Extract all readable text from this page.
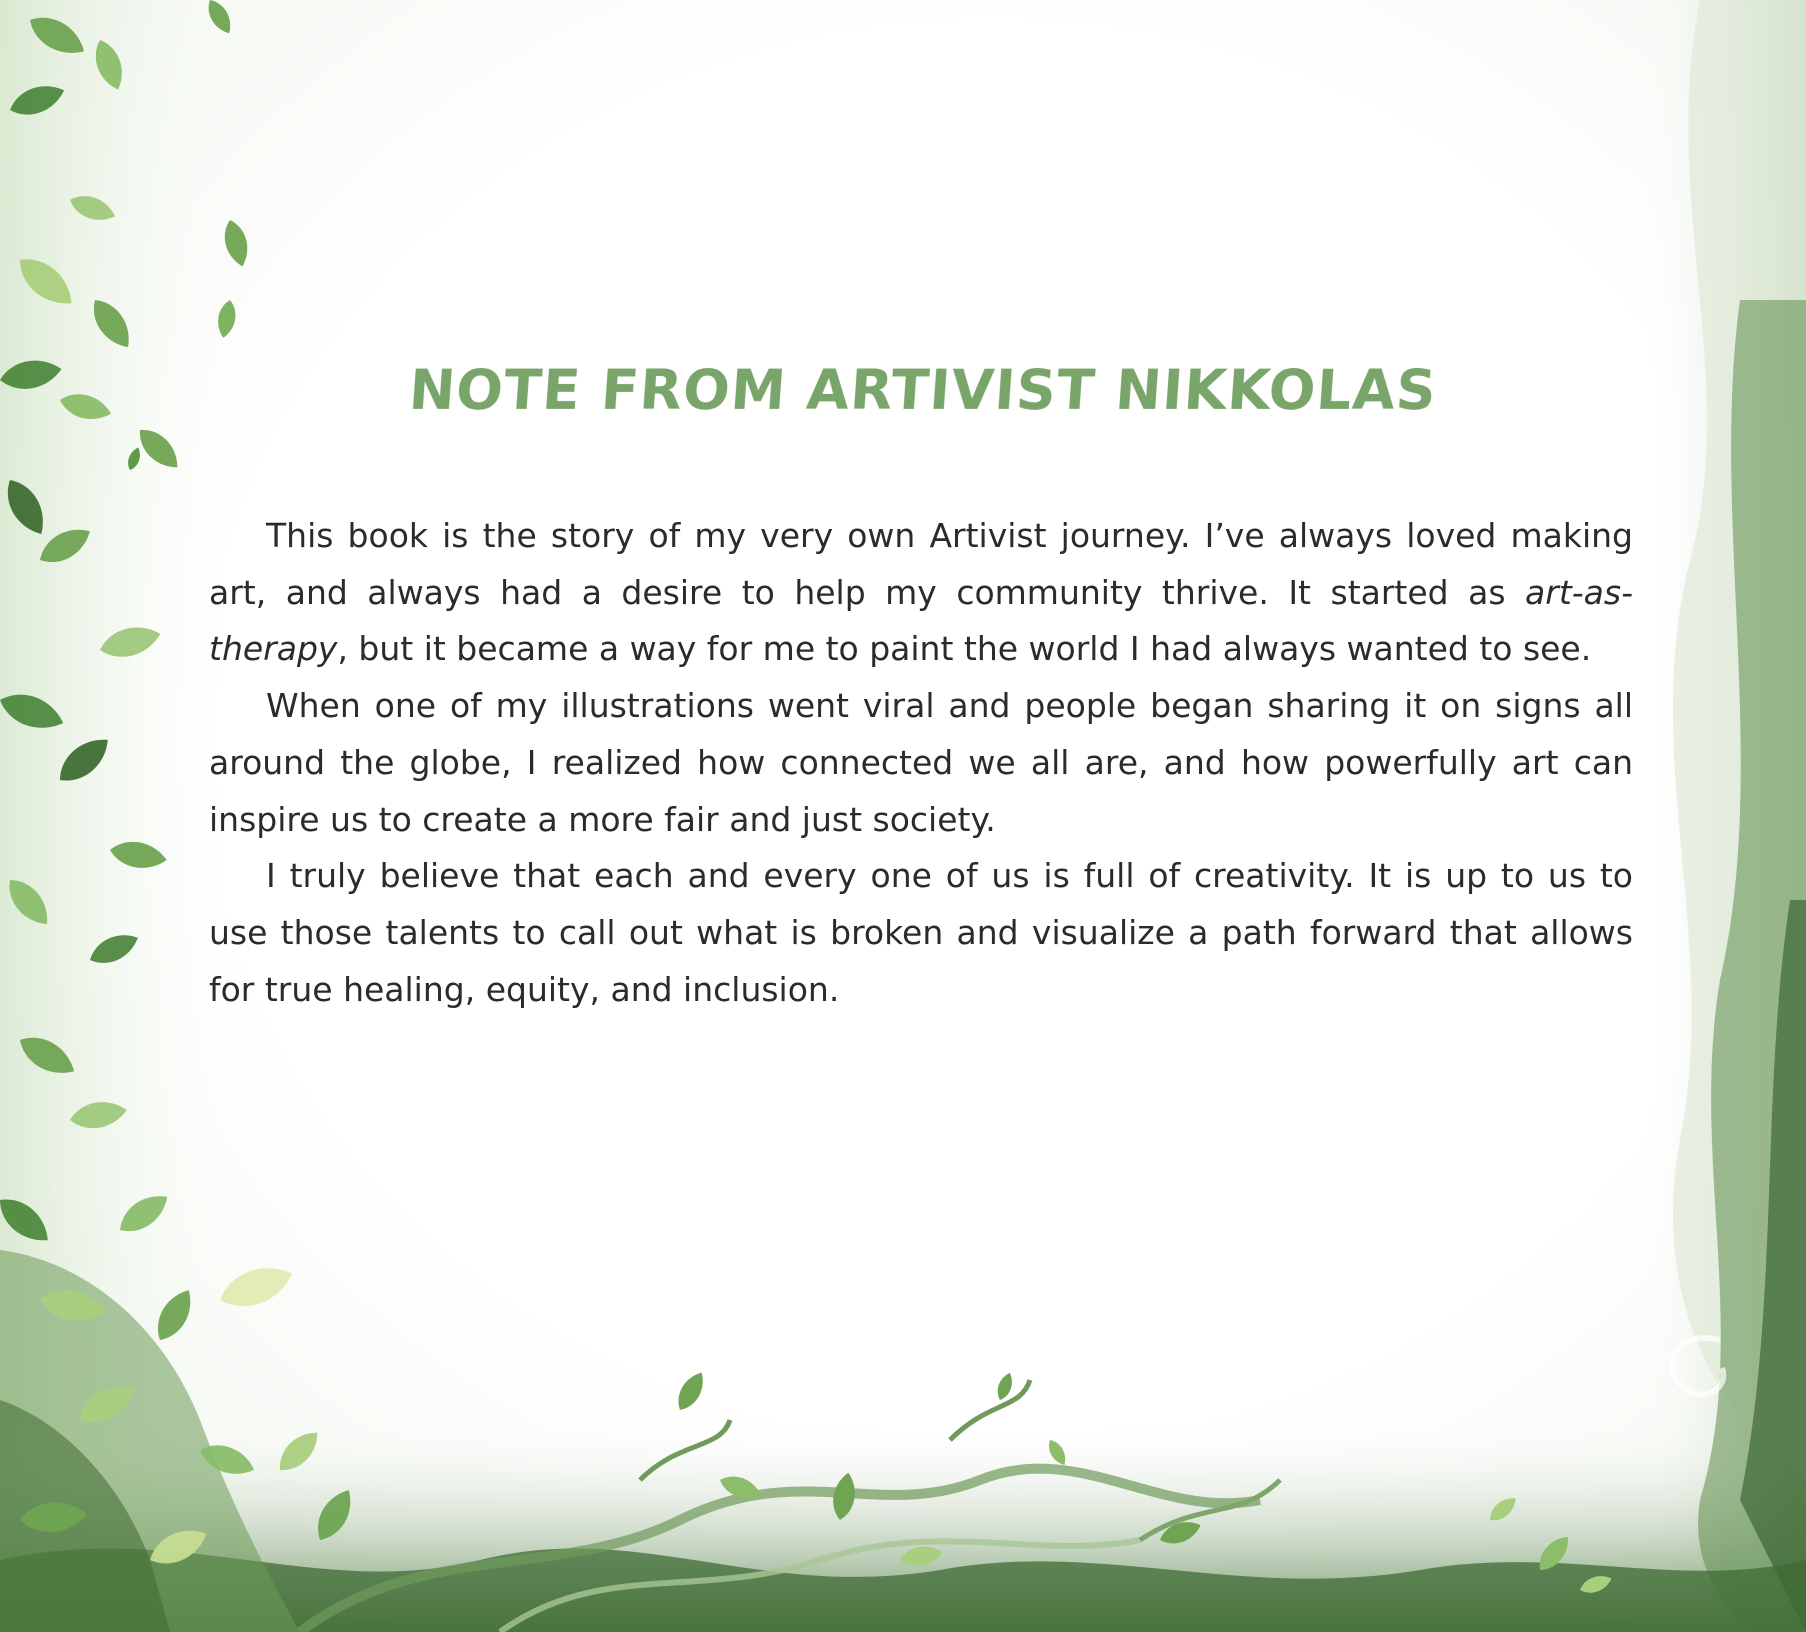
NOTE FROM ARTIVIST NIKKOLAS

This book is the story of my very own Artivist journey. I’ve always loved making art, and always had a desire to help my community thrive. It started as art-as-therapy, but it became a way for me to paint the world I had always wanted to see.

When one of my illustrations went viral and people began sharing it on signs all around the globe, I realized how connected we all are, and how powerfully art can inspire us to create a more fair and just society.

I truly believe that each and every one of us is full of creativity. It is up to us to use those talents to call out what is broken and visualize a path forward that allows for true healing, equity, and inclusion.
